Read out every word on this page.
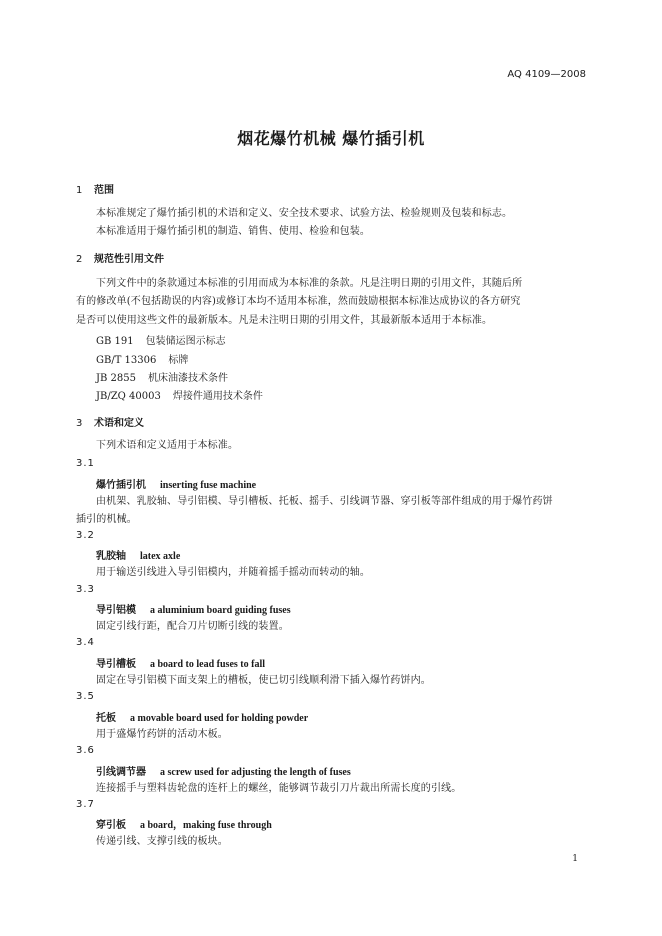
AQ 4109—2008
烟花爆竹机械 爆竹插引机
1 范围
本标准规定了爆竹插引机的术语和定义、安全技术要求、试验方法、检验规则及包装和标志。
本标准适用于爆竹插引机的制造、销售、使用、检验和包装。
2 规范性引用文件
下列文件中的条款通过本标准的引用而成为本标准的条款。凡是注明日期的引用文件，其随后所
有的修改单(不包括勘误的内容)或修订本均不适用本标准，然而鼓励根据本标准达成协议的各方研究
是否可以使用这些文件的最新版本。凡是未注明日期的引用文件，其最新版本适用于本标准。
GB 191 包装储运图示标志
GB/T 13306 标牌
JB 2855 机床油漆技术条件
JB/ZQ 40003 焊接件通用技术条件
3 术语和定义
下列术语和定义适用于本标准。
3.1
爆竹插引机 inserting fuse machine
由机架、乳胶轴、导引铝模、导引槽板、托板、摇手、引线调节器、穿引板等部件组成的用于爆竹药饼
插引的机械。
3.2
乳胶轴 latex axle
用于输送引线进入导引铝模内，并随着摇手摇动而转动的轴。
3.3
导引铝模 a aluminium board guiding fuses
固定引线行距，配合刀片切断引线的装置。
3.4
导引槽板 a board to lead fuses to fall
固定在导引铝模下面支架上的槽板，使已切引线顺利滑下插入爆竹药饼内。
3.5
托板 a movable board used for holding powder
用于盛爆竹药饼的活动木板。
3.6
引线调节器 a screw used for adjusting the length of fuses
连接摇手与塑料齿轮盘的连杆上的螺丝，能够调节裁引刀片裁出所需长度的引线。
3.7
穿引板 a board，making fuse through
传递引线、支撑引线的板块。
1
